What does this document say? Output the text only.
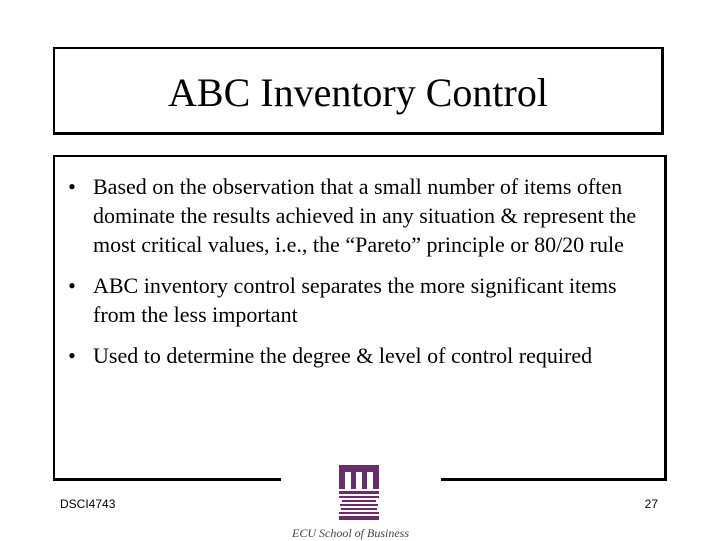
ABC Inventory Control
• Based on the observation that a small number of items often dominate the results achieved in any situation & represent the most critical values, i.e., the “Pareto” principle or 80/20 rule
• ABC inventory control separates the more significant items from the less important
• Used to determine the degree & level of control required
DSCI4743
ECU School of Business
27
